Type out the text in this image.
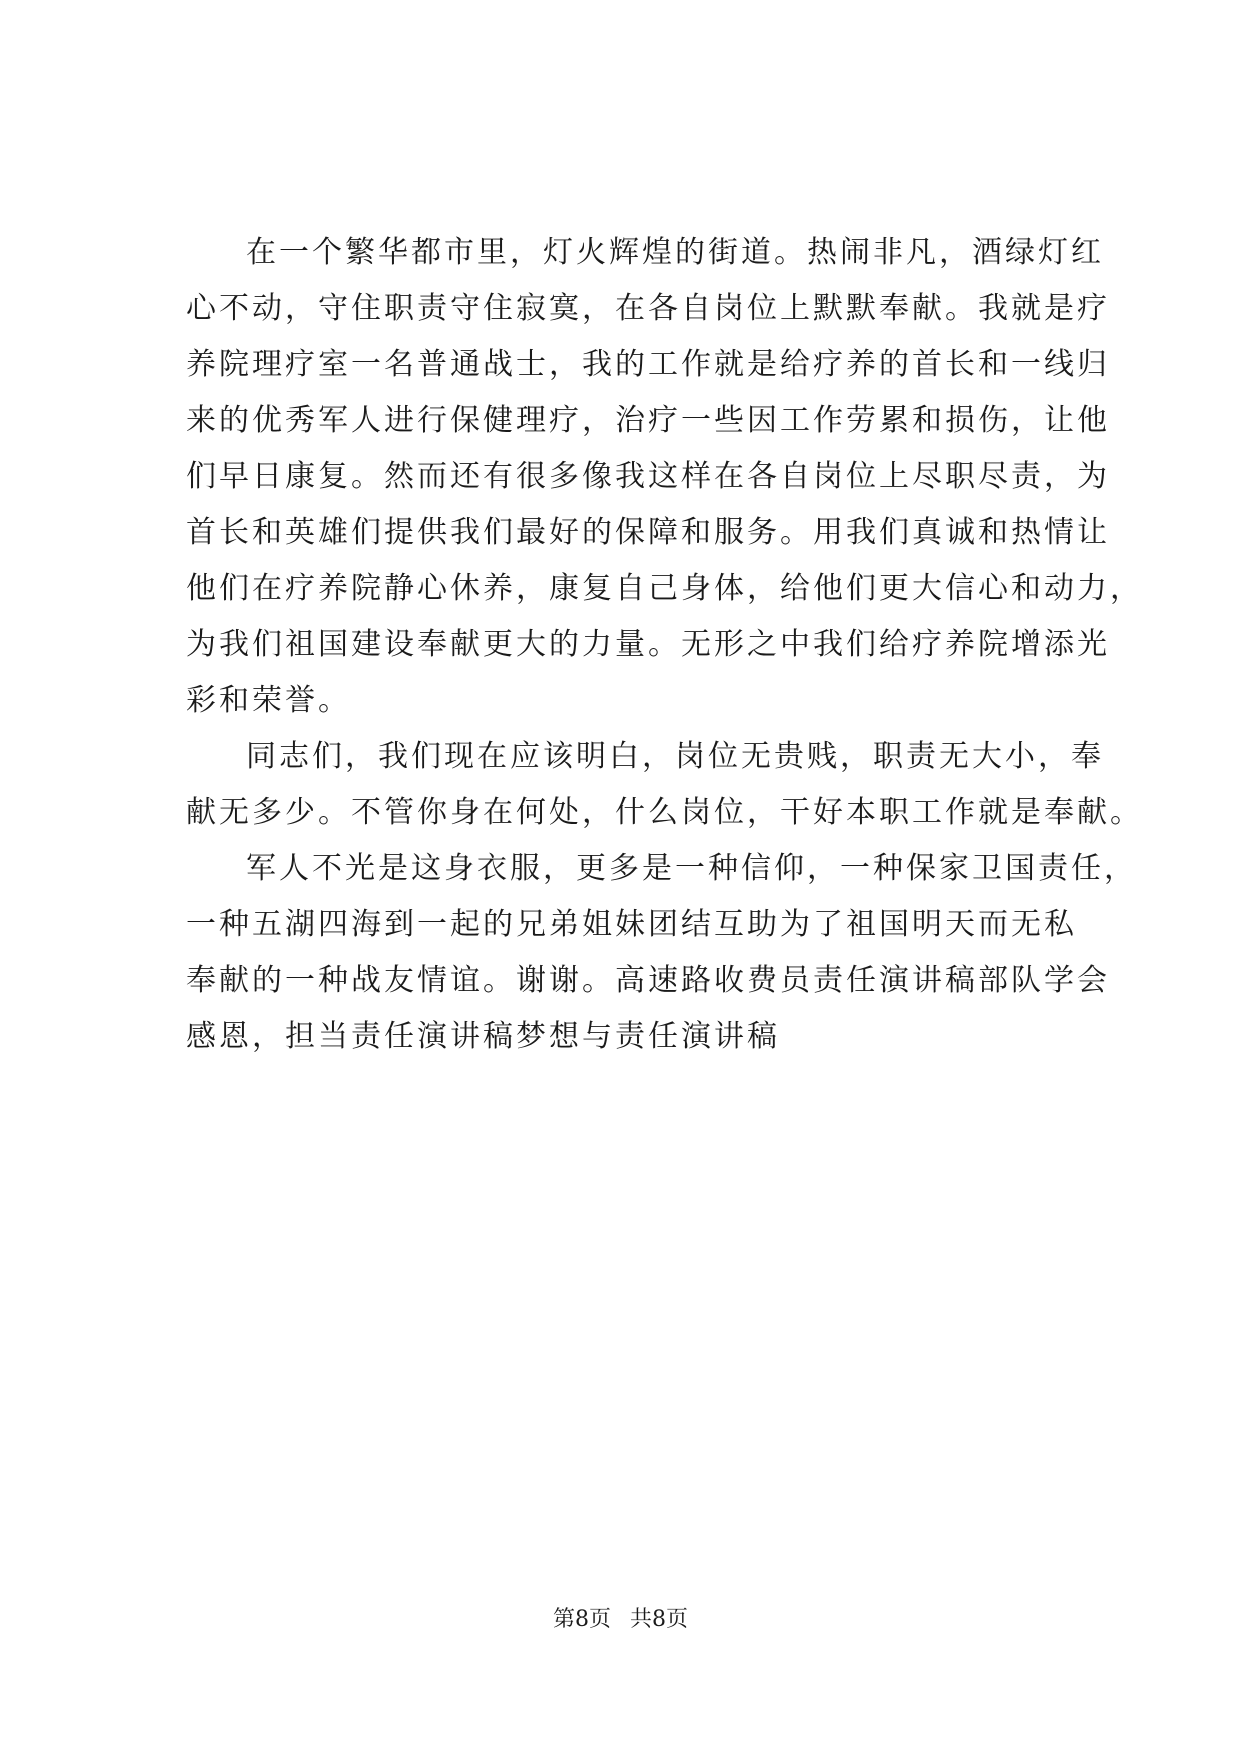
在一个繁华都市里，灯火辉煌的街道。热闹非凡，酒绿灯红
心不动，守住职责守住寂寞，在各自岗位上默默奉献。我就是疗
养院理疗室一名普通战士，我的工作就是给疗养的首长和一线归
来的优秀军人进行保健理疗，治疗一些因工作劳累和损伤，让他
们早日康复。然而还有很多像我这样在各自岗位上尽职尽责，为
首长和英雄们提供我们最好的保障和服务。用我们真诚和热情让
他们在疗养院静心休养，康复自己身体，给他们更大信心和动力，
为我们祖国建设奉献更大的力量。无形之中我们给疗养院增添光
彩和荣誉。
同志们，我们现在应该明白，岗位无贵贱，职责无大小，奉
献无多少。不管你身在何处，什么岗位，干好本职工作就是奉献。
军人不光是这身衣服，更多是一种信仰，一种保家卫国责任，
一种五湖四海到一起的兄弟姐妹团结互助为了祖国明天而无私
奉献的一种战友情谊。谢谢。高速路收费员责任演讲稿部队学会
感恩，担当责任演讲稿梦想与责任演讲稿
第8页 共8页
